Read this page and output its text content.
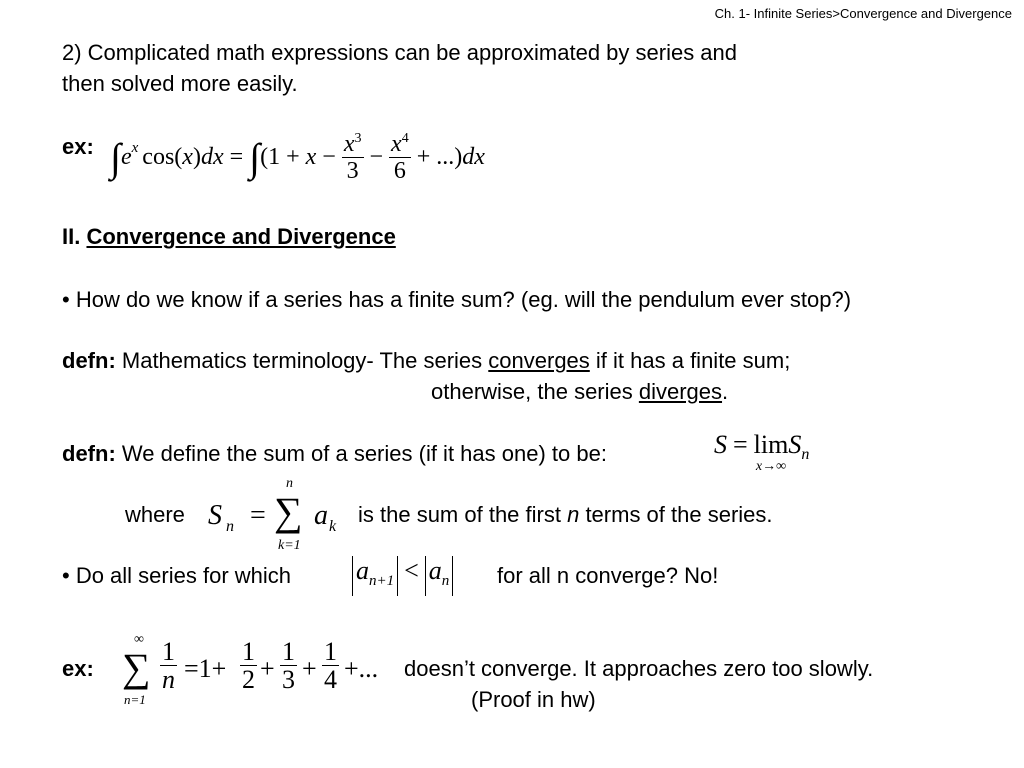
Ch. 1- Infinite Series>Convergence and Divergence
2) Complicated math expressions can be approximated by series and
then solved more easily.
ex: $\int e^x$ $\cos(x)dx = \int(1 + x - \frac{x^3}{3} - \frac{x^4}{6} + ...)dx$
II. Convergence and Divergence
• How do we know if a series has a finite sum? (eg. will the pendulum ever stop?)
defn: Mathematics terminology- The series converges if it has a finite sum;
otherwise, the series diverges.
defn: We define the sum of a series (if it has one) to be:	S = lim
x→∞
$S_n$
where S n =
n
∑
k=1
a k is the sum of the first n terms of the series.
• Do all series for which $a_{n+1} < a_n$ for all n converge? No!
ex:
∞
∑
n=1
$\frac{1}{n} =1+ \frac{1}{2} + \frac{1}{3} + \frac{1}{4}$ +... doesn’t converge. It approaches zero too slowly.
(Proof in hw)
